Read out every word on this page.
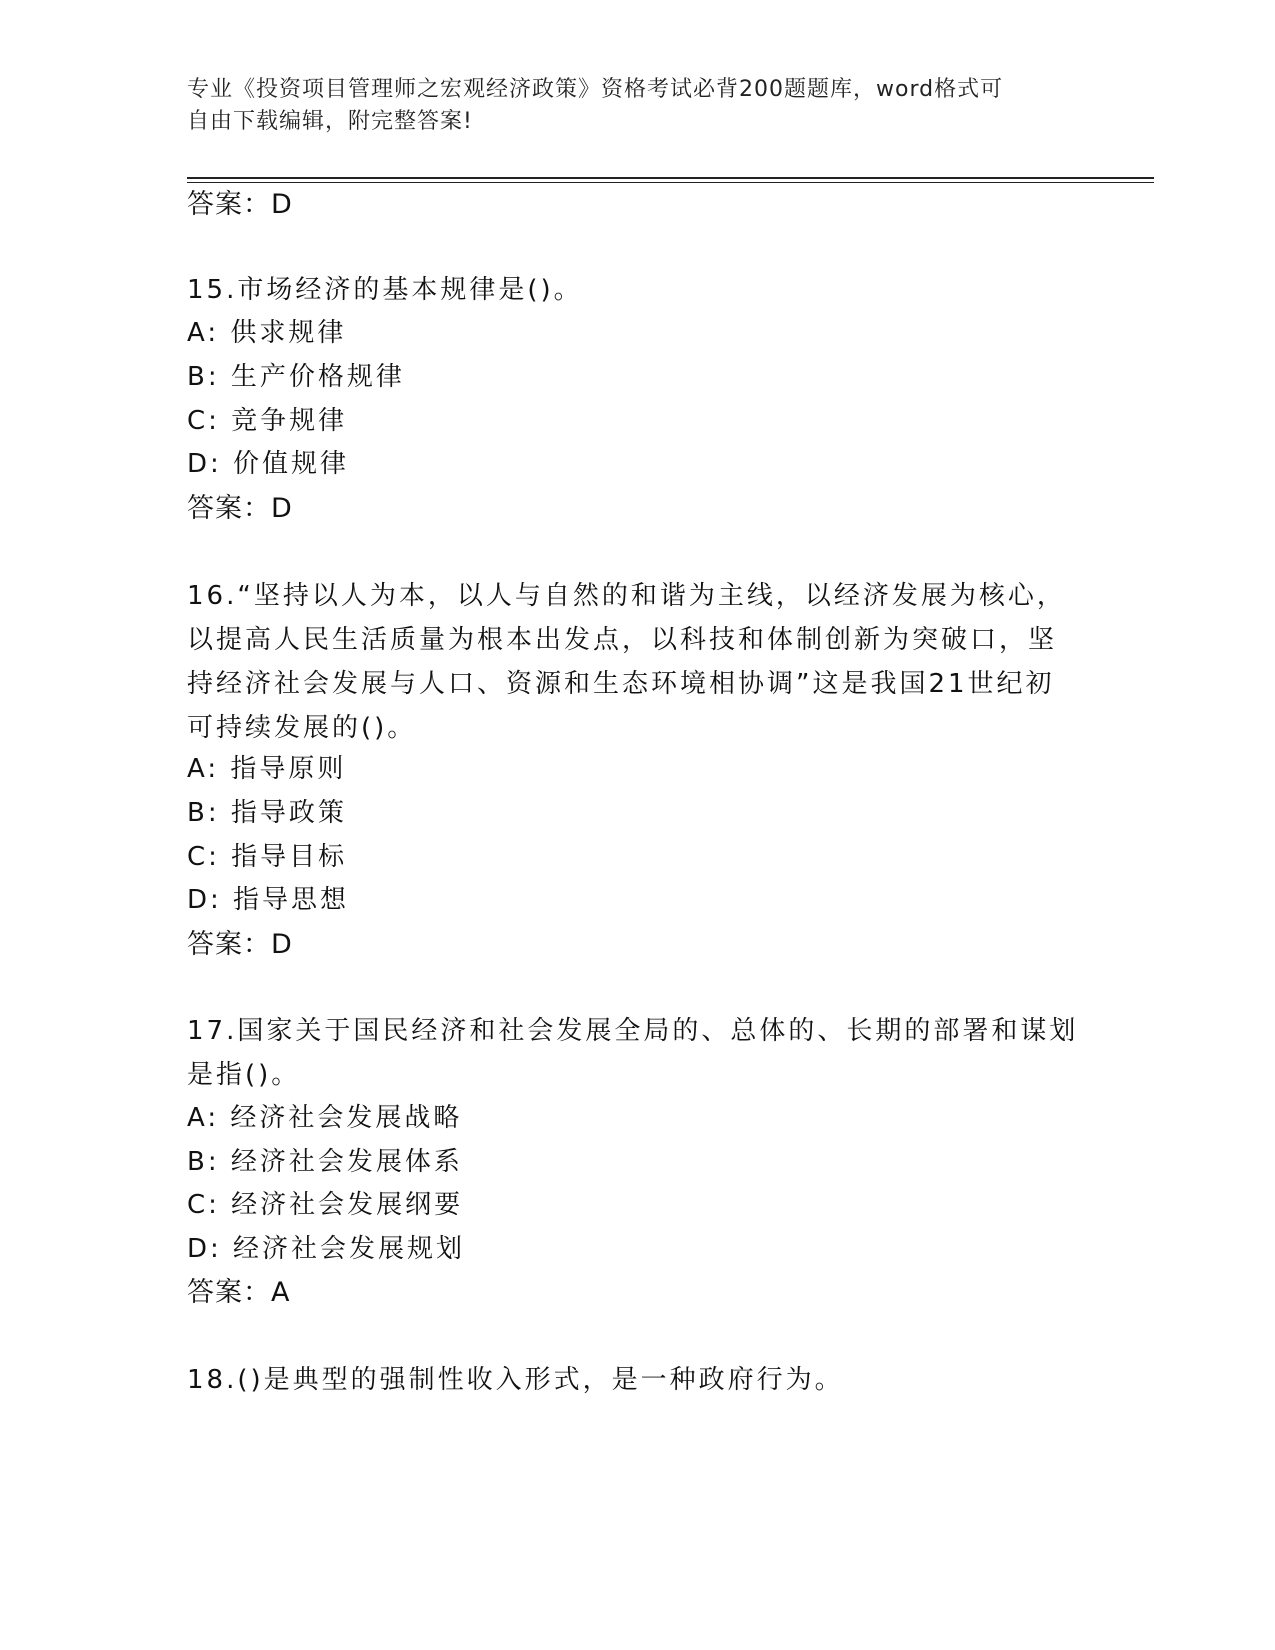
专业《投资项目管理师之宏观经济政策》资格考试必背200题题库，word格式可
自由下载编辑，附完整答案!
答案：D
15.市场经济的基本规律是()。
A: 供求规律
B: 生产价格规律
C: 竞争规律
D: 价值规律
答案：D
16.“坚持以人为本，以人与自然的和谐为主线，以经济发展为核心，
以提高人民生活质量为根本出发点，以科技和体制创新为突破口，坚
持经济社会发展与人口、资源和生态环境相协调”这是我国21世纪初
可持续发展的()。
A: 指导原则
B: 指导政策
C: 指导目标
D: 指导思想
答案：D
17.国家关于国民经济和社会发展全局的、总体的、长期的部署和谋划
是指()。
A: 经济社会发展战略
B: 经济社会发展体系
C: 经济社会发展纲要
D: 经济社会发展规划
答案：A
18.()是典型的强制性收入形式，是一种政府行为。
